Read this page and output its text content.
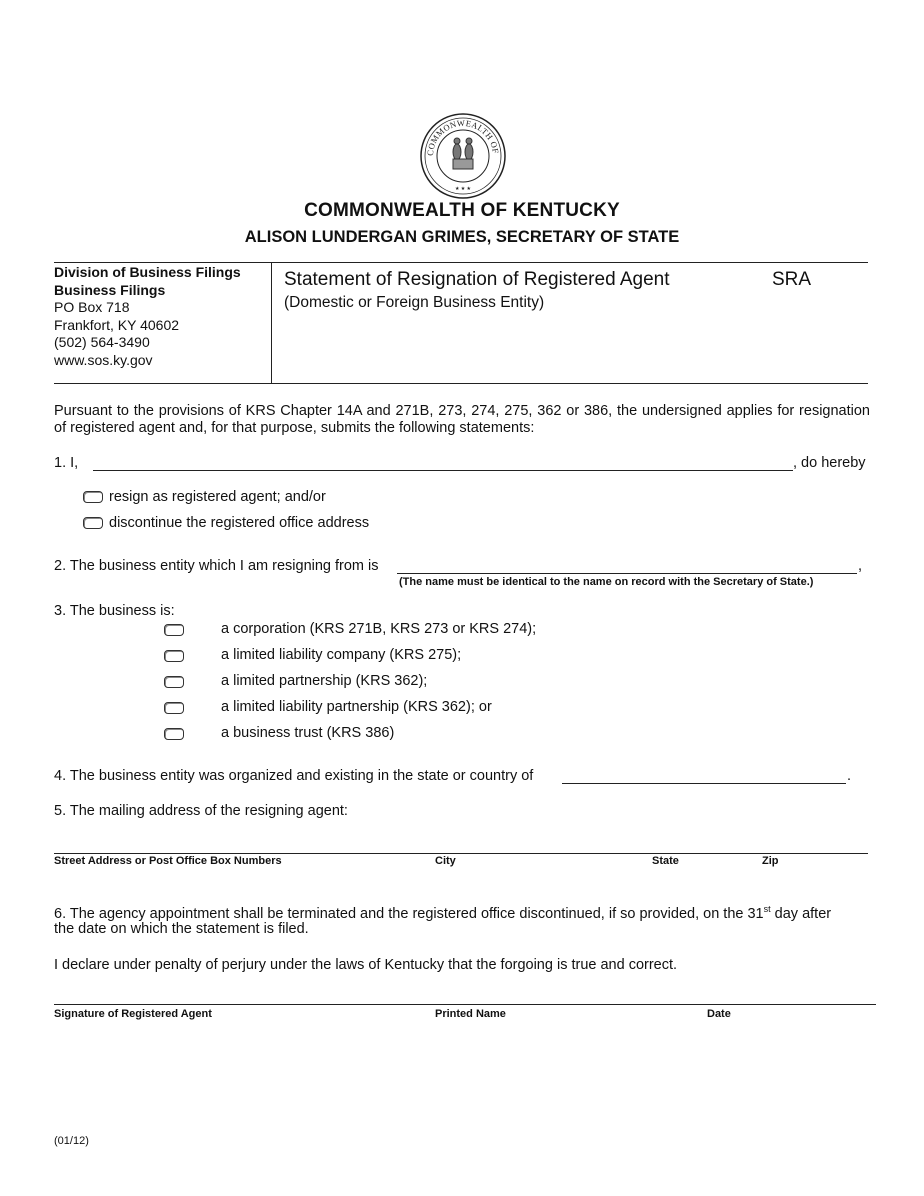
COMMONWEALTH OF
★ ★ ★
COMMONWEALTH OF KENTUCKY
ALISON LUNDERGAN GRIMES, SECRETARY OF STATE
Division of Business Filings
Business Filings
PO Box 718
Frankfort, KY 40602
(502) 564-3490
www.sos.ky.gov
Statement of Resignation of Registered Agent	SRA
(Domestic or Foreign Business Entity)
Pursuant to the provisions of KRS Chapter 14A and 271B, 273, 274, 275, 362 or 386, the undersigned applies for resignation of registered agent and, for that purpose, submits the following statements:
1. I,	, do hereby
resign as registered agent; and/or
discontinue the registered office address
2. The business entity which I am resigning from is	,
(The name must be identical to the name on record with the Secretary of State.)
3. The business is:
a corporation (KRS 271B, KRS 273 or KRS 274);
a limited liability company (KRS 275);
a limited partnership (KRS 362);
a limited liability partnership (KRS 362); or
a business trust (KRS 386)
4. The business entity was organized and existing in the state or country of	.
5. The mailing address of the resigning agent:
Street Address or Post Office Box Numbers	City	State	Zip
6. The agency appointment shall be terminated and the registered office discontinued, if so provided, on the 31st day after
the date on which the statement is filed.
I declare under penalty of perjury under the laws of Kentucky that the forgoing is true and correct.
Signature of Registered Agent	Printed Name	Date
(01/12)
